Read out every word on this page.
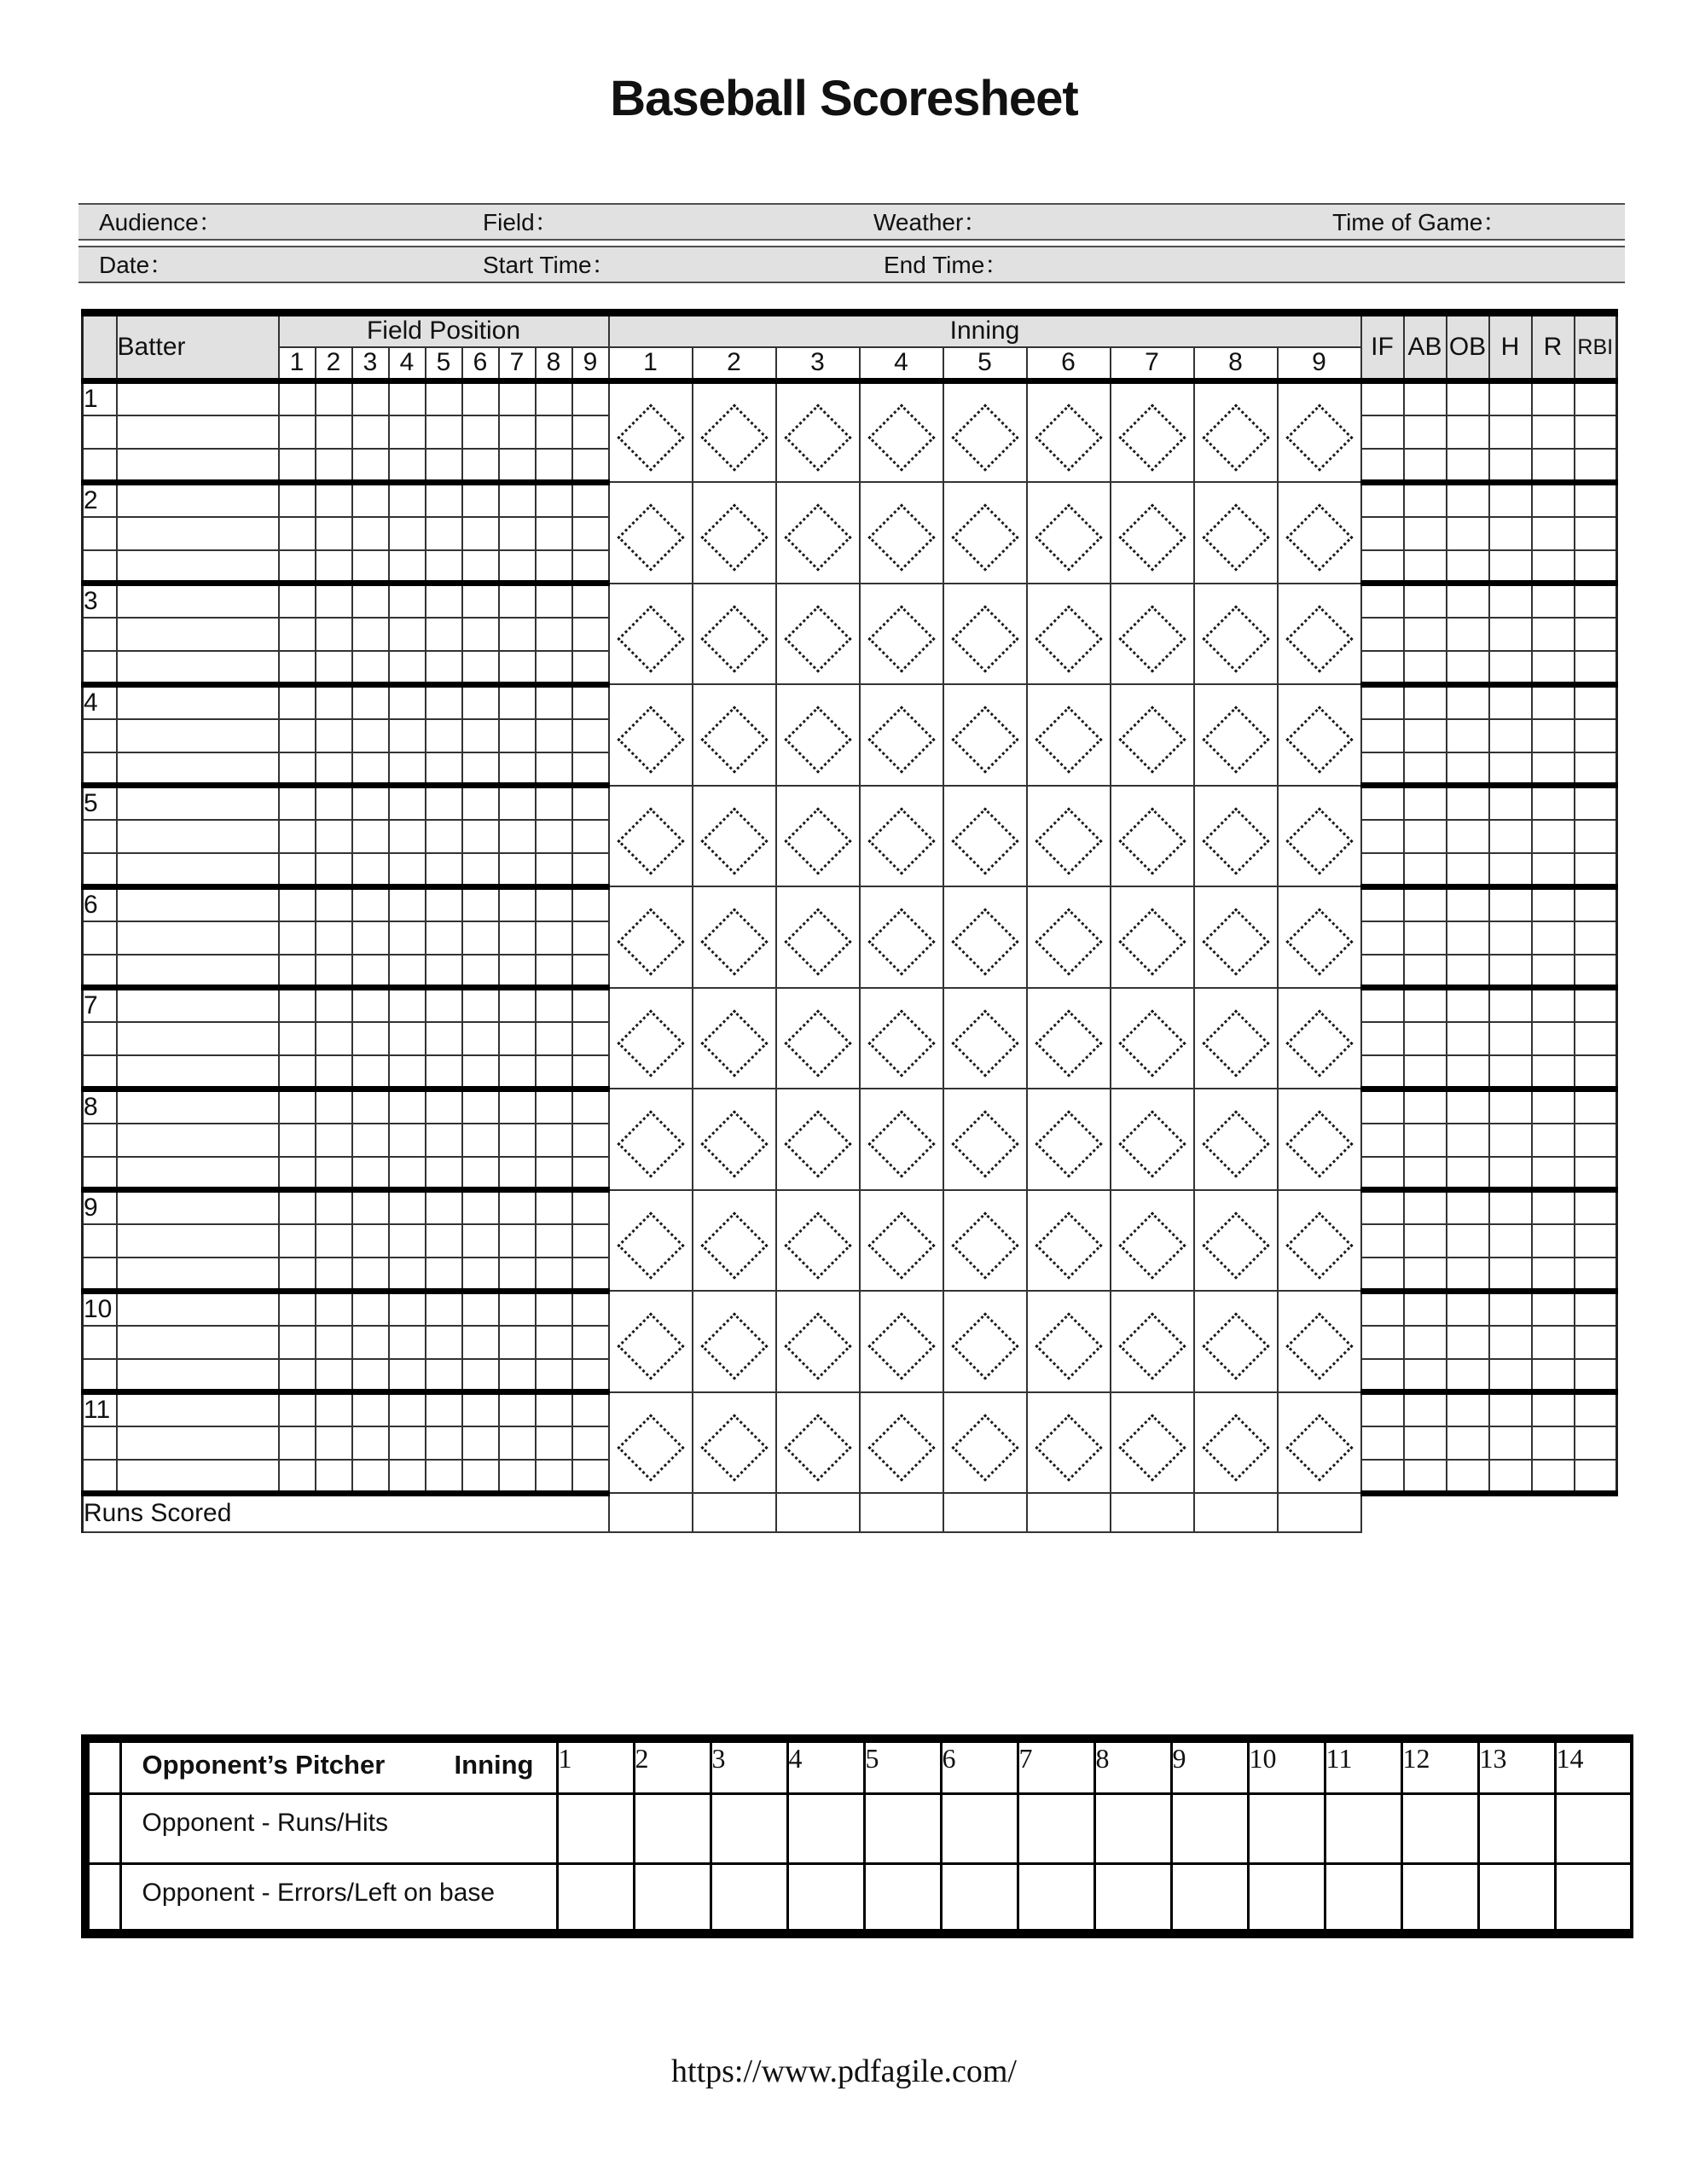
Baseball Scoresheet
Audience：	Field：	Weather：	Time of Game：
Date：	Start Time：	End Time：
	Batter	Field Position									Inning									IF	AB	OB	H	R	RBI
		1	2	3	4	5	6	7	8	9	1	2	3	4	5	6	7	8	9						
1											

2											

3											

4											

5											

6											

7											

8											

9											

10											

11											

Runs Scored																									

	Opponent’s Pitcher Inning	1	2	3	4	5	6	7	8	9	10	11	12	13	14

	Opponent - Runs/Hits														

	Opponent - Errors/Left on base														

https://www.pdfagile.com/
